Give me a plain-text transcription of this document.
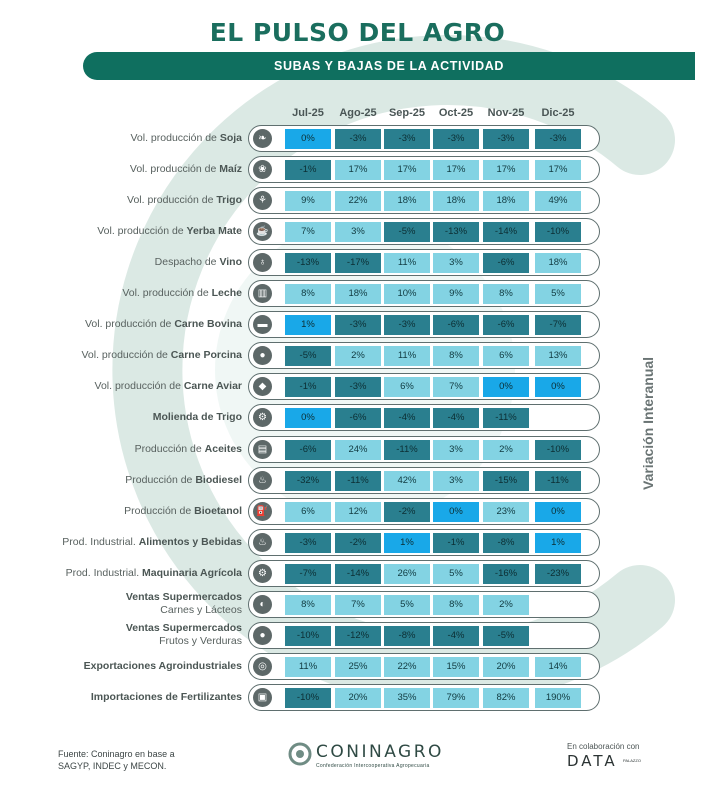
EL PULSO DEL AGRO
SUBAS Y BAJAS DE LA ACTIVIDAD
Jul-25	Ago-25	Sep-25	Oct-25	Nov-25	Dic-25
Vol. producción de Soja	❧	0%	-3%	-3%	-3%	-3%	-3%
Vol. producción de Maíz	❀	-1%	17%	17%	17%	17%	17%
Vol. producción de Trigo	⚘	9%	22%	18%	18%	18%	49%
Vol. producción de Yerba Mate	☕	7%	3%	-5%	-13%	-14%	-10%
Despacho de Vino	♁	-13%	-17%	11%	3%	-6%	18%
Vol. producción de Leche	▥	8%	18%	10%	9%	8%	5%
Vol. producción de Carne Bovina	▬	1%	-3%	-3%	-6%	-6%	-7%
Vol. producción de Carne Porcina	●	-5%	2%	11%	8%	6%	13%
Vol. producción de Carne Aviar	◆	-1%	-3%	6%	7%	0%	0%
Molienda de Trigo	⚙	0%	-6%	-4%	-4%	-11%
Producción de Aceites	▤	-6%	24%	-11%	3%	2%	-10%
Producción de Biodiesel	♨	-32%	-11%	42%	3%	-15%	-11%
Producción de Bioetanol	⛽	6%	12%	-2%	0%	23%	0%
Prod. Industrial. Alimentos y Bebidas	♨	-3%	-2%	1%	-1%	-8%	1%
Prod. Industrial. Maquinaria Agrícola	⚙	-7%	-14%	26%	5%	-16%	-23%
Ventas Supermercados
Carnes y Lácteos	◐	8%	7%	5%	8%	2%
Ventas Supermercados
Frutos y Verduras	●	-10%	-12%	-8%	-4%	-5%
Exportaciones Agroindustriales	◎	11%	25%	22%	15%	20%	14%
Importaciones de Fertilizantes	▣	-10%	20%	35%	79%	82%	190%
Variación Interanual
Fuente: Coninagro en base a
SAGYP, INDEC y MECON.
CONINAGRO
Confederación Intercooperativa Agropecuaria
En colaboración con
DATA PALAZZO
